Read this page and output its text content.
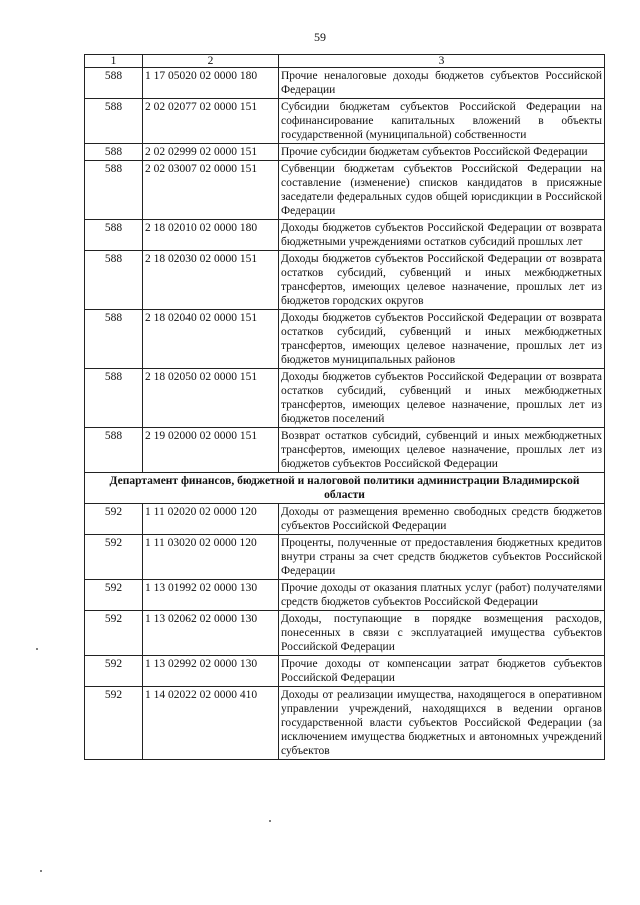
59
1	2	3
588	1 17 05020 02 0000 180	Прочие неналоговые доходы бюджетов субъектов Российской Федерации
588	2 02 02077 02 0000 151	Субсидии бюджетам субъектов Российской Федерации на софинансирование капитальных вложений в объекты государственной (муниципальной) собственности
588	2 02 02999 02 0000 151	Прочие субсидии бюджетам субъектов Российской Федерации
588	2 02 03007 02 0000 151	Субвенции бюджетам субъектов Российской Федерации на составление (изменение) списков кандидатов в присяжные заседатели федеральных судов общей юрисдикции в Российской Федерации
588	2 18 02010 02 0000 180	Доходы бюджетов субъектов Российской Федерации от возврата бюджетными учреждениями остатков субсидий прошлых лет
588	2 18 02030 02 0000 151	Доходы бюджетов субъектов Российской Федерации от возврата остатков субсидий, субвенций и иных межбюджетных трансфертов, имеющих целевое назначение, прошлых лет из бюджетов городских округов
588	2 18 02040 02 0000 151	Доходы бюджетов субъектов Российской Федерации от возврата остатков субсидий, субвенций и иных межбюджетных трансфертов, имеющих целевое назначение, прошлых лет из бюджетов муниципальных районов
588	2 18 02050 02 0000 151	Доходы бюджетов субъектов Российской Федерации от возврата остатков субсидий, субвенций и иных межбюджетных трансфертов, имеющих целевое назначение, прошлых лет из бюджетов поселений
588	2 19 02000 02 0000 151	Возврат остатков субсидий, субвенций и иных межбюджетных трансфертов, имеющих целевое назначение, прошлых лет из бюджетов субъектов Российской Федерации
Департамент финансов, бюджетной и налоговой политики администрации Владимирской области		
592	1 11 02020 02 0000 120	Доходы от размещения временно свободных средств бюджетов субъектов Российской Федерации
592	1 11 03020 02 0000 120	Проценты, полученные от предоставления бюджетных кредитов внутри страны за счет средств бюджетов субъектов Российской Федерации
592	1 13 01992 02 0000 130	Прочие доходы от оказания платных услуг (работ) получателями средств бюджетов субъектов Российской Федерации
592	1 13 02062 02 0000 130	Доходы, поступающие в порядке возмещения расходов, понесенных в связи с эксплуатацией имущества субъектов Российской Федерации
592	1 13 02992 02 0000 130	Прочие доходы от компенсации затрат бюджетов субъектов Российской Федерации
592	1 14 02022 02 0000 410	Доходы от реализации имущества, находящегося в оперативном управлении учреждений, находящихся в ведении органов государственной власти субъектов Российской Федерации (за исключением имущества бюджетных и автономных учреждений субъектов
